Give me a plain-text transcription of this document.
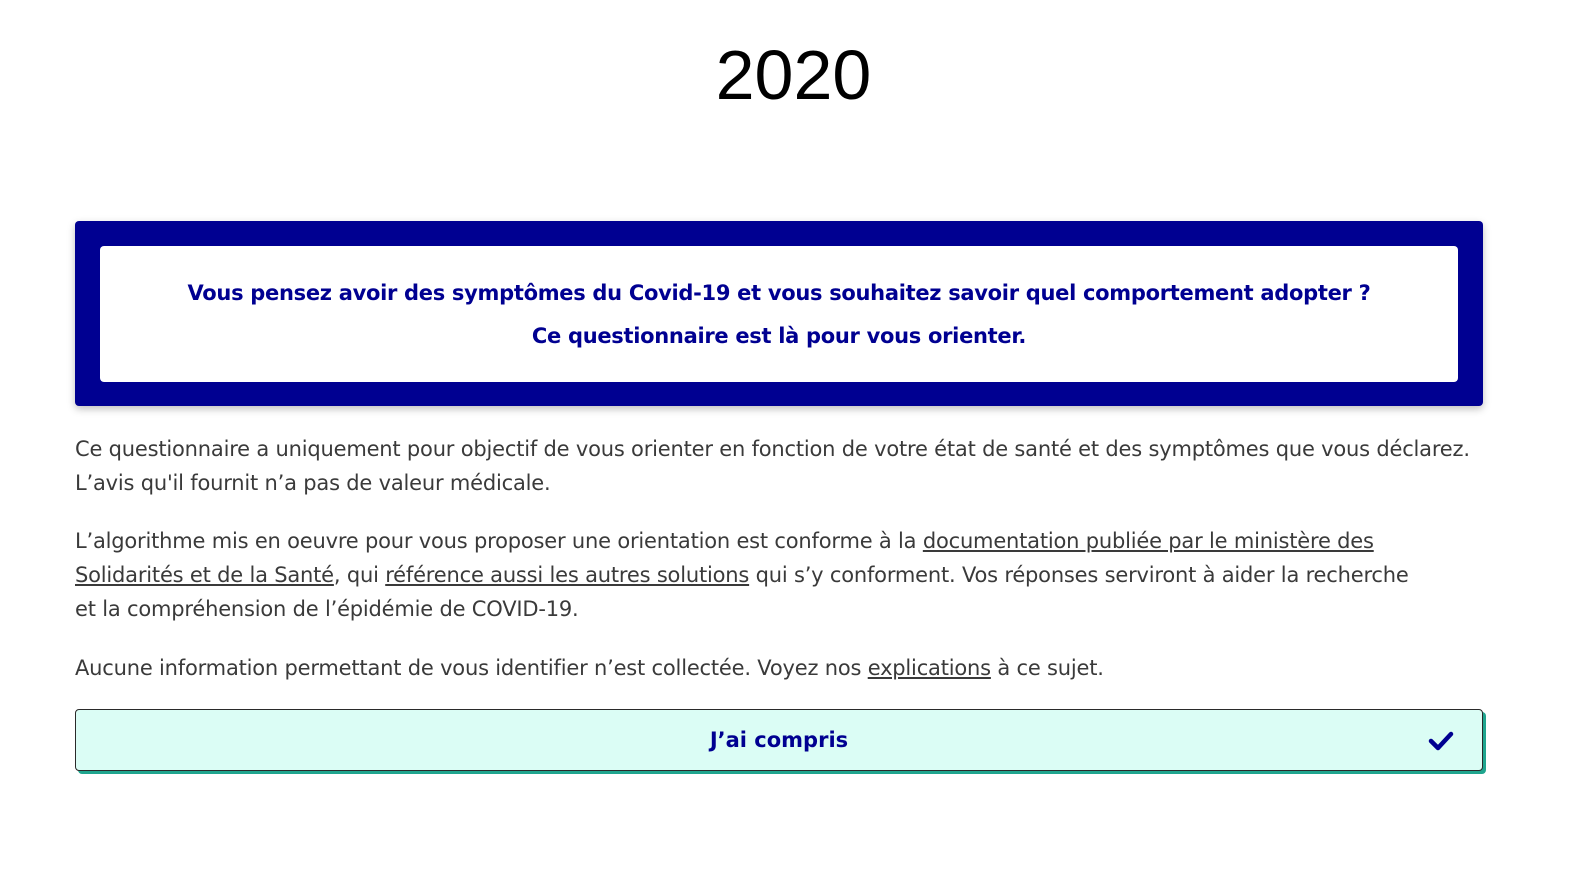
2020
Vous pensez avoir des symptômes du Covid-19 et vous souhaitez savoir quel comportement adopter ?
Ce questionnaire est là pour vous orienter.

Ce questionnaire a uniquement pour objectif de vous orienter en fonction de votre état de santé et des symptômes que vous déclarez. L’avis qu'il fournit n’a pas de valeur médicale.

L’algorithme mis en oeuvre pour vous proposer une orientation est conforme à la documentation publiée par le ministère des Solidarités et de la Santé, qui référence aussi les autres solutions qui s’y conforment. Vos réponses serviront à aider la recherche et la compréhension de l’épidémie de COVID-19.

Aucune information permettant de vous identifier n’est collectée. Voyez nos explications à ce sujet.

J’ai compris
